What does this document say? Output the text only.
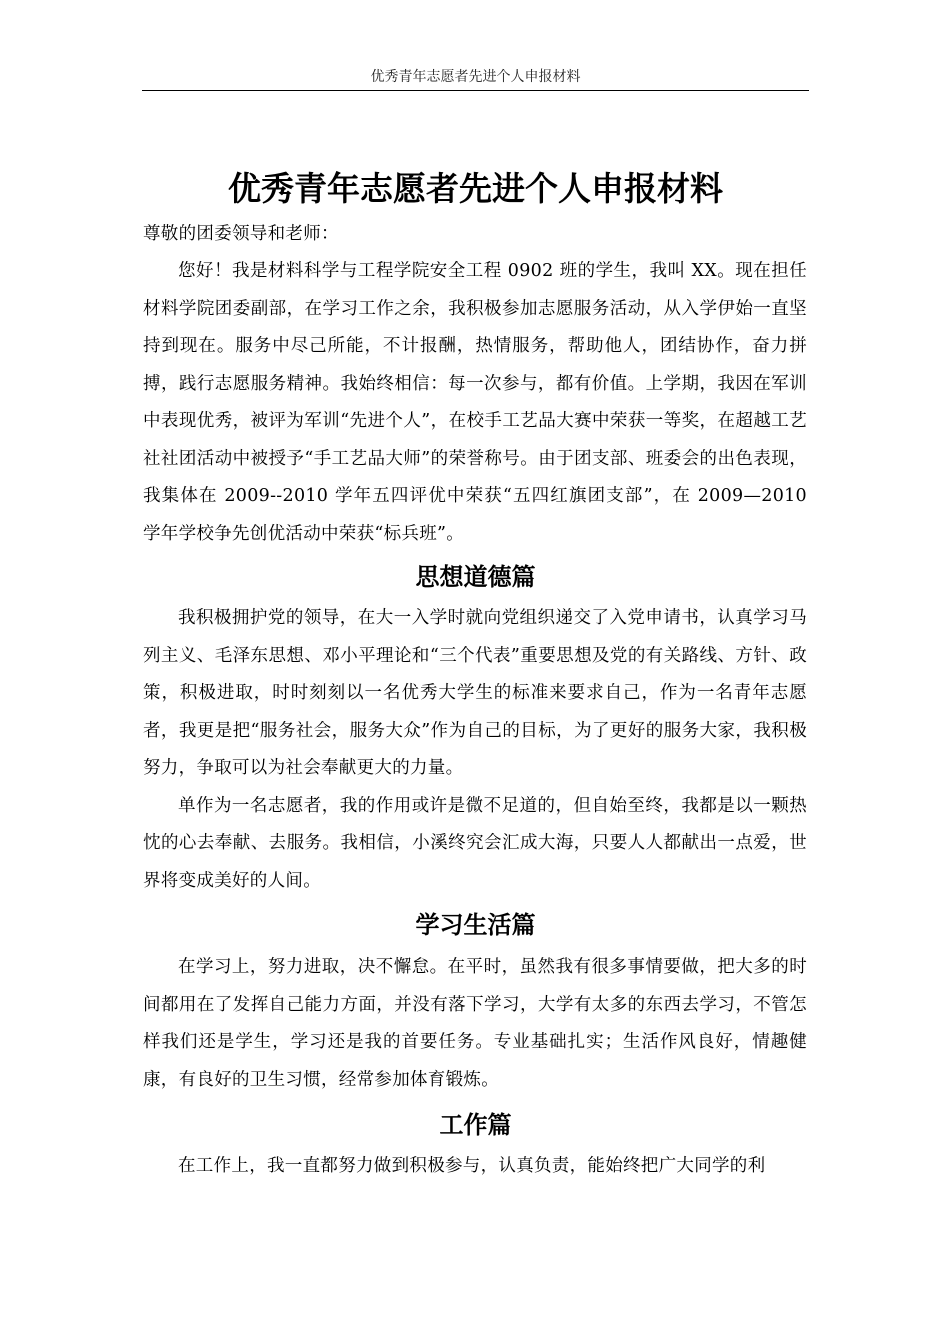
优秀青年志愿者先进个人申报材料
优秀青年志愿者先进个人申报材料

尊敬的团委领导和老师：

您好！我是材料科学与工程学院安全工程 0902 班的学生，我叫 XX。现在担任材料学院团委副部，在学习工作之余，我积极参加志愿服务活动，从入学伊始一直坚持到现在。服务中尽己所能，不计报酬，热情服务，帮助他人，团结协作，奋力拼搏，践行志愿服务精神。我始终相信：每一次参与，都有价值。上学期，我因在军训中表现优秀，被评为军训“先进个人”，在校手工艺品大赛中荣获一等奖，在超越工艺社社团活动中被授予“手工艺品大师”的荣誉称号。由于团支部、班委会的出色表现，我集体在 2009--2010 学年五四评优中荣获“五四红旗团支部”，在 2009—2010 学年学校争先创优活动中荣获“标兵班”。

思想道德篇

我积极拥护党的领导，在大一入学时就向党组织递交了入党申请书，认真学习马列主义、毛泽东思想、邓小平理论和“三个代表”重要思想及党的有关路线、方针、政策，积极进取，时时刻刻以一名优秀大学生的标准来要求自己，作为一名青年志愿者，我更是把“服务社会，服务大众”作为自己的目标，为了更好的服务大家，我积极努力，争取可以为社会奉献更大的力量。

单作为一名志愿者，我的作用或许是微不足道的，但自始至终，我都是以一颗热忱的心去奉献、去服务。我相信，小溪终究会汇成大海，只要人人都献出一点爱，世界将变成美好的人间。

学习生活篇

在学习上，努力进取，决不懈怠。在平时，虽然我有很多事情要做，把大多的时间都用在了发挥自己能力方面，并没有落下学习，大学有太多的东西去学习，不管怎样我们还是学生，学习还是我的首要任务。专业基础扎实；生活作风良好，情趣健康，有良好的卫生习惯，经常参加体育锻炼。

工作篇

在工作上，我一直都努力做到积极参与，认真负责，能始终把广大同学的利
